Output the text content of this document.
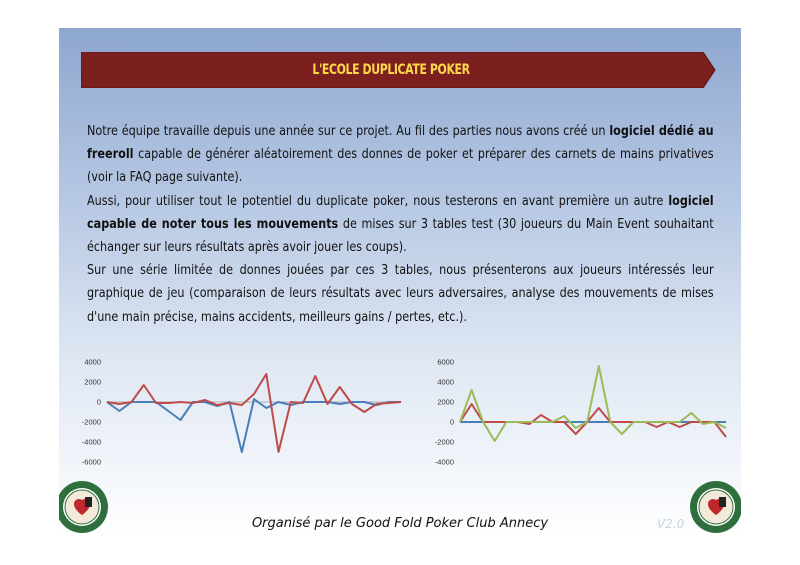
L'ECOLE DUPLICATE POKER

Notre équipe travaille depuis une année sur ce projet. Au fil des parties nous avons créé un logiciel dédié au freeroll capable de générer aléatoirement des donnes de poker et préparer des carnets de mains privatives (voir la FAQ page suivante).

Aussi, pour utiliser tout le potentiel du duplicate poker, nous testerons en avant première un autre logiciel capable de noter tous les mouvements de mises sur 3 tables test (30 joueurs du Main Event souhaitant échanger sur leurs résultats après avoir jouer les coups).

Sur une série limitée de donnes jouées par ces 3 tables, nous présenterons aux joueurs intéressés leur graphique de jeu (comparaison de leurs résultats avec leurs adversaires, analyse des mouvements de mises d'une main précise, mains accidents, meilleurs gains / pertes, etc.).

4000
2000
0
-2000
-4000
-6000
6000
4000
2000
0
-2000
-4000
V2.0
Organisé par le Good Fold Poker Club Annecy
